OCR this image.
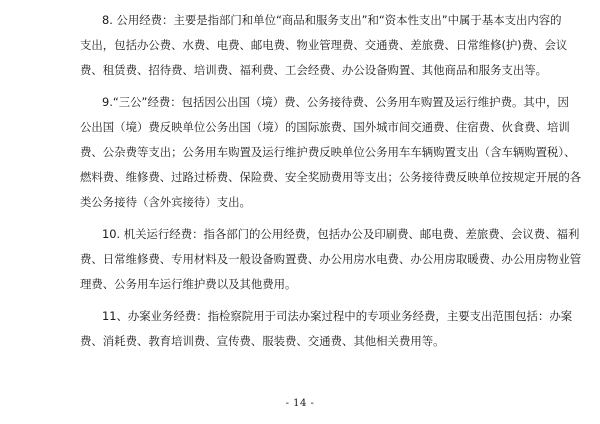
8. 公用经费：主要是指部门和单位“商品和服务支出”和“资本性支出”中属于基本支出内容的
支出，包括办公费、水费、电费、邮电费、物业管理费、交通费、差旅费、日常维修(护)费、会议
费、租赁费、招待费、培训费、福利费、工会经费、办公设备购置、其他商品和服务支出等。

9.“三公”经费：包括因公出国（境）费、公务接待费、公务用车购置及运行维护费。其中，因
公出国（境）费反映单位公务出国（境）的国际旅费、国外城市间交通费、住宿费、伙食费、培训
费、公杂费等支出；公务用车购置及运行维护费反映单位公务用车车辆购置支出（含车辆购置税）、
燃料费、维修费、过路过桥费、保险费、安全奖励费用等支出；公务接待费反映单位按规定开展的各
类公务接待（含外宾接待）支出。

10. 机关运行经费：指各部门的公用经费，包括办公及印刷费、邮电费、差旅费、会议费、福利
费、日常维修费、专用材料及一般设备购置费、办公用房水电费、办公用房取暖费、办公用房物业管
理费、公务用车运行维护费以及其他费用。

11、办案业务经费：指检察院用于司法办案过程中的专项业务经费，主要支出范围包括：办案
费、消耗费、教育培训费、宣传费、服装费、交通费、其他相关费用等。

- 14 -
